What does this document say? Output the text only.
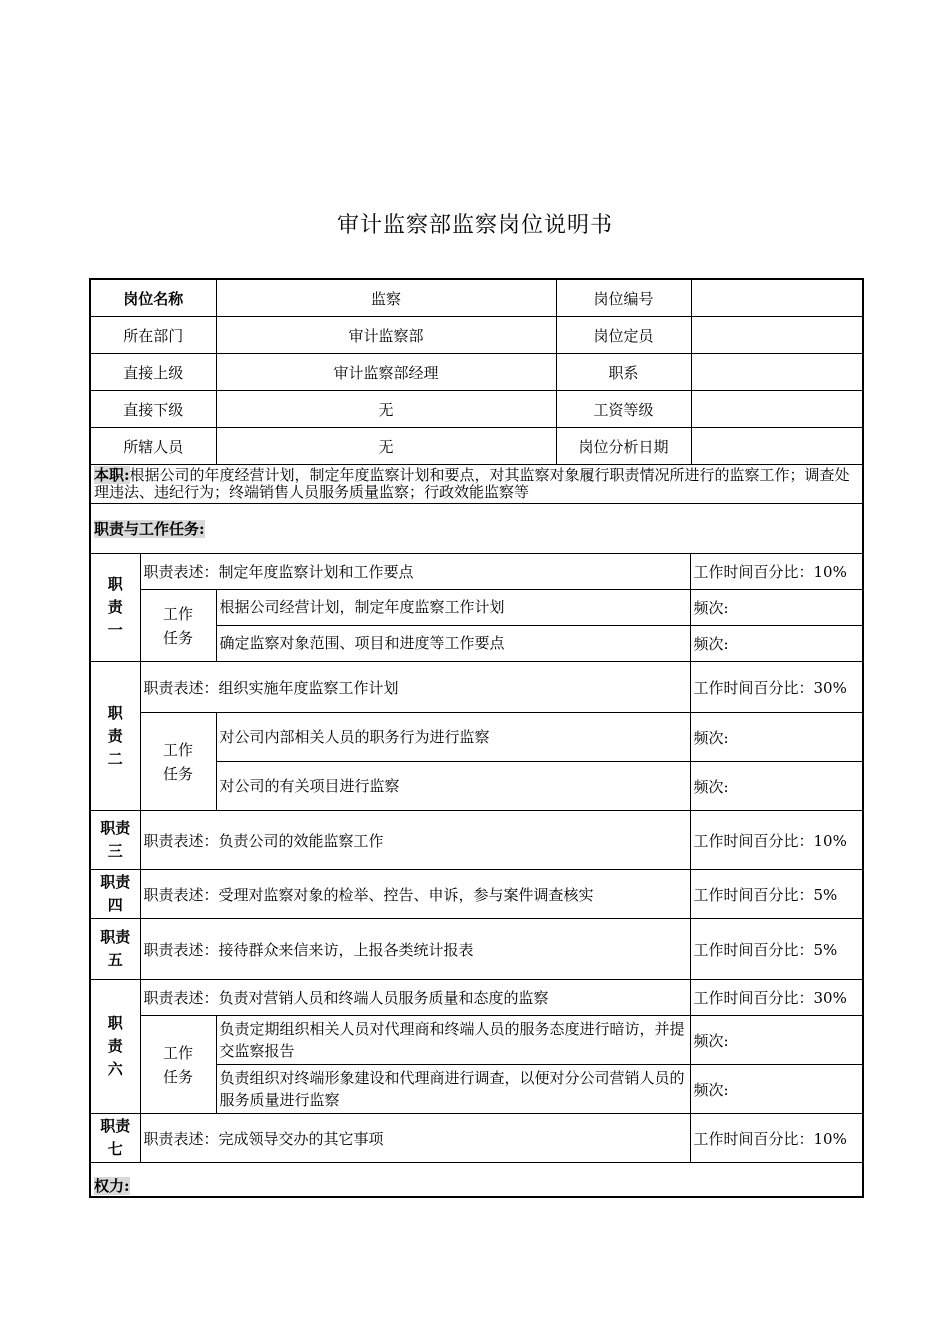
审计监察部监察岗位说明书
岗位名称		监察	岗位编号	

所在部门		审计监察部	岗位定员	

直接上级		审计监察部经理	职系	

直接下级		无	工资等级	

所辖人员		无	岗位分析日期	

本职:根据公司的年度经营计划，制定年度监察计划和要点，对其监察对象履行职责情况所进行的监察工作；调查处理违法、违纪行为；终端销售人员服务质量监察；行政效能监察等				
职责与工作任务:				
职
责
一	职责表述：制定年度监察计划和工作要点			工作时间百分比：10%
	工作
任务	根据公司经营计划，制定年度监察工作计划		频次:
		确定监察对象范围、项目和进度等工作要点		频次:
职
责
二	职责表述：组织实施年度监察工作计划			工作时间百分比：30%
	工作
任务	对公司内部相关人员的职务行为进行监察		频次:
		对公司的有关项目进行监察		频次:
职责
三	职责表述：负责公司的效能监察工作			工作时间百分比：10%
职责
四	职责表述：受理对监察对象的检举、控告、申诉，参与案件调查核实			工作时间百分比：5%
职责
五	职责表述：接待群众来信来访，上报各类统计报表			工作时间百分比：5%
职
责
六	职责表述：负责对营销人员和终端人员服务质量和态度的监察			工作时间百分比：30%
	工作
任务	负责定期组织相关人员对代理商和终端人员的服务态度进行暗访，并提交监察报告		频次:
		负责组织对终端形象建设和代理商进行调查，以便对分公司营销人员的服务质量进行监察		频次:
职责
七	职责表述：完成领导交办的其它事项			工作时间百分比：10%
权力:				
